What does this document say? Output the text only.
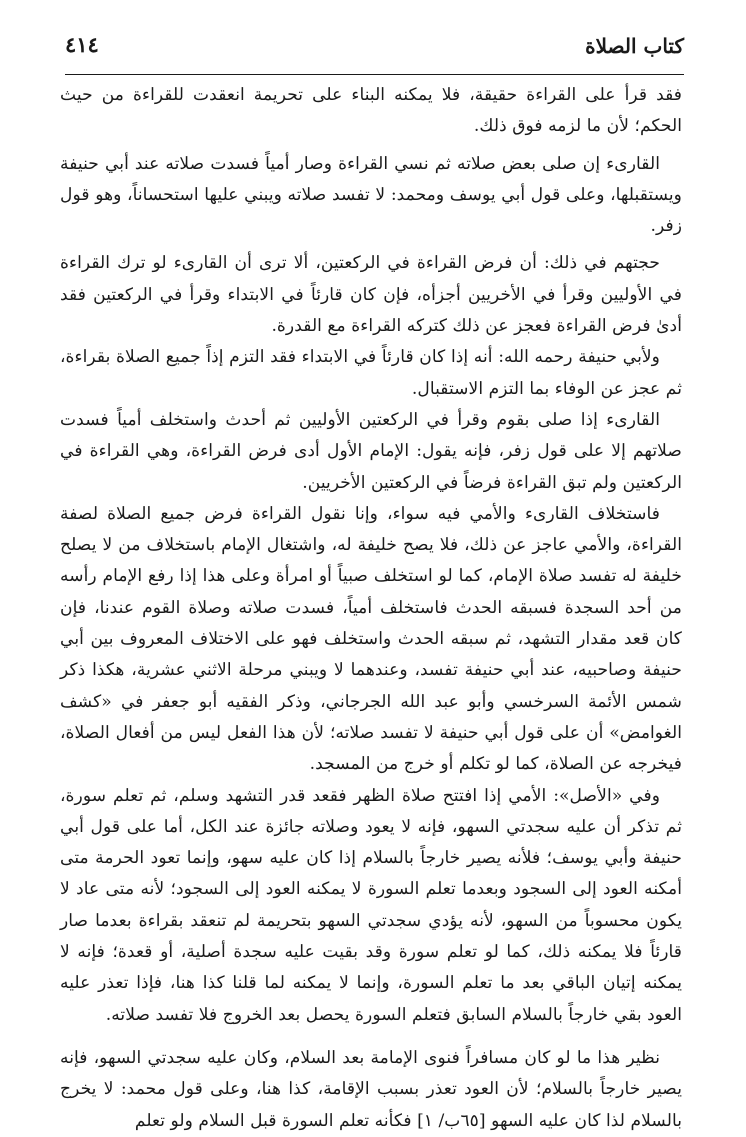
كتاب الصلاة
٤١٤

فقد قرأ على القراءة حقيقة، فلا يمكنه البناء على تحريمة انعقدت للقراءة من حيث الحكم؛ لأن ما لزمه فوق ذلك.

القارىء إن صلى بعض صلاته ثم نسي القراءة وصار أمياً فسدت صلاته عند أبي حنيفة ويستقبلها، وعلى قول أبي يوسف ومحمد: لا تفسد صلاته ويبني عليها استحساناً، وهو قول زفر.

حجتهم في ذلك: أن فرض القراءة في الركعتين، ألا ترى أن القارىء لو ترك القراءة في الأوليين وقرأ في الأخريين أجزأه، فإن كان قارئاً في الابتداء وقرأ في الركعتين فقد أدىٰ فرض القراءة فعجز عن ذلك كتركه القراءة مع القدرة.

ولأبي حنيفة رحمه الله: أنه إذا كان قارئاً في الابتداء فقد التزم إذاً جميع الصلاة بقراءة، ثم عجز عن الوفاء بما التزم الاستقبال.

القارىء إذا صلى بقوم وقرأ في الركعتين الأوليين ثم أحدث واستخلف أمياً فسدت صلاتهم إلا على قول زفر، فإنه يقول: الإمام الأول أدى فرض القراءة، وهي القراءة في الركعتين ولم تبق القراءة فرضاً في الركعتين الأخريين.

فاستخلاف القارىء والأمي فيه سواء، وإنا نقول القراءة فرض جميع الصلاة لصفة القراءة، والأمي عاجز عن ذلك، فلا يصح خليفة له، واشتغال الإمام باستخلاف من لا يصلح خليفة له تفسد صلاة الإمام، كما لو استخلف صبياً أو امرأة وعلى هذا إذا رفع الإمام رأسه من أحد السجدة فسبقه الحدث فاستخلف أمياً، فسدت صلاته وصلاة القوم عندنا، فإن كان قعد مقدار التشهد، ثم سبقه الحدث واستخلف فهو على الاختلاف المعروف بين أبي حنيفة وصاحبيه، عند أبي حنيفة تفسد، وعندهما لا ويبني مرحلة الاثني عشرية، هكذا ذكر شمس الأئمة السرخسي وأبو عبد الله الجرجاني، وذكر الفقيه أبو جعفر في «كشف الغوامض» أن على قول أبي حنيفة لا تفسد صلاته؛ لأن هذا الفعل ليس من أفعال الصلاة، فيخرجه عن الصلاة، كما لو تكلم أو خرج من المسجد.

وفي «الأصل»: الأمي إذا افتتح صلاة الظهر فقعد قدر التشهد وسلم، ثم تعلم سورة، ثم تذكر أن عليه سجدتي السهو، فإنه لا يعود وصلاته جائزة عند الكل، أما على قول أبي حنيفة وأبي يوسف؛ فلأنه يصير خارجاً بالسلام إذا كان عليه سهو، وإنما تعود الحرمة متى أمكنه العود إلى السجود وبعدما تعلم السورة لا يمكنه العود إلى السجود؛ لأنه متى عاد لا يكون محسوباً من السهو، لأنه يؤدي سجدتي السهو بتحريمة لم تنعقد بقراءة بعدما صار قارئاً فلا يمكنه ذلك، كما لو تعلم سورة وقد بقيت عليه سجدة أصلية، أو قعدة؛ فإنه لا يمكنه إتيان الباقي بعد ما تعلم السورة، وإنما لا يمكنه لما قلنا كذا هنا، فإذا تعذر عليه العود بقي خارجاً بالسلام السابق فتعلم السورة يحصل بعد الخروج فلا تفسد صلاته.

نظير هذا ما لو كان مسافراً فنوى الإمامة بعد السلام، وكان عليه سجدتي السهو، فإنه يصير خارجاً بالسلام؛ لأن العود تعذر بسبب الإقامة، كذا هنا، وعلى قول محمد: لا يخرج بالسلام لذا كان عليه السهو [٦٥ب/ ١] فكأنه تعلم السورة قبل السلام ولو تعلم
